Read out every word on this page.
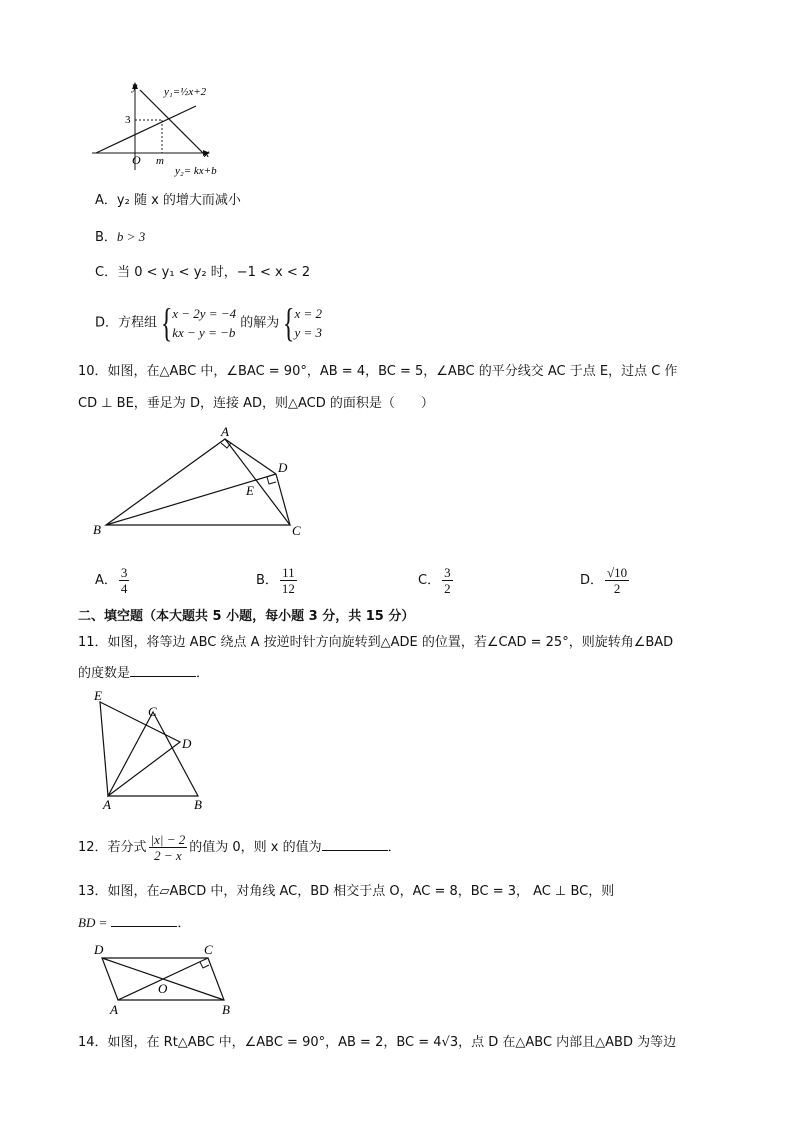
y
x
O
3
m
y₁=½x+2
y₂= kx+b
A．y₂ 随 x 的增大而减小
B．b > 3
C．当 0 < y₁ < y₂ 时，−1 < x < 2
D．方程组{x − 2y = −4
kx − y = −b 的解为{x = 2
y = 3
10．如图，在△ABC 中，∠BAC = 90°，AB = 4，BC = 5，∠ABC 的平分线交 AC 于点 E，过点 C 作
CD ⊥ BE，垂足为 D，连接 AD，则△ACD 的面积是（　　）
A
B	C
D
E
A． $\frac{3}{4}$	B． $\frac{11}{12}$	C． $\frac{3}{2}$	D． $\frac{√10}{2}$
二、填空题（本大题共 5 小题，每小题 3 分，共 15 分）
11．如图，将等边 ABC 绕点 A 按逆时针方向旋转到△ADE 的位置，若∠CAD = 25°，则旋转角∠BAD
的度数是	．
E
C
D
A	B
12．若分式 $\frac{|x| - 2}{2 - x}$ 的值为 0，则 x 的值为	．
13．如图，在▱ABCD 中，对角线 AC，BD 相交于点 O，AC = 8，BC = 3， AC ⊥ BC，则
BD =	．
D	C
A	B
O
14．如图，在 Rt△ABC 中，∠ABC = 90°，AB = 2，BC = 4√3，点 D 在△ABC 内部且△ABD 为等边
